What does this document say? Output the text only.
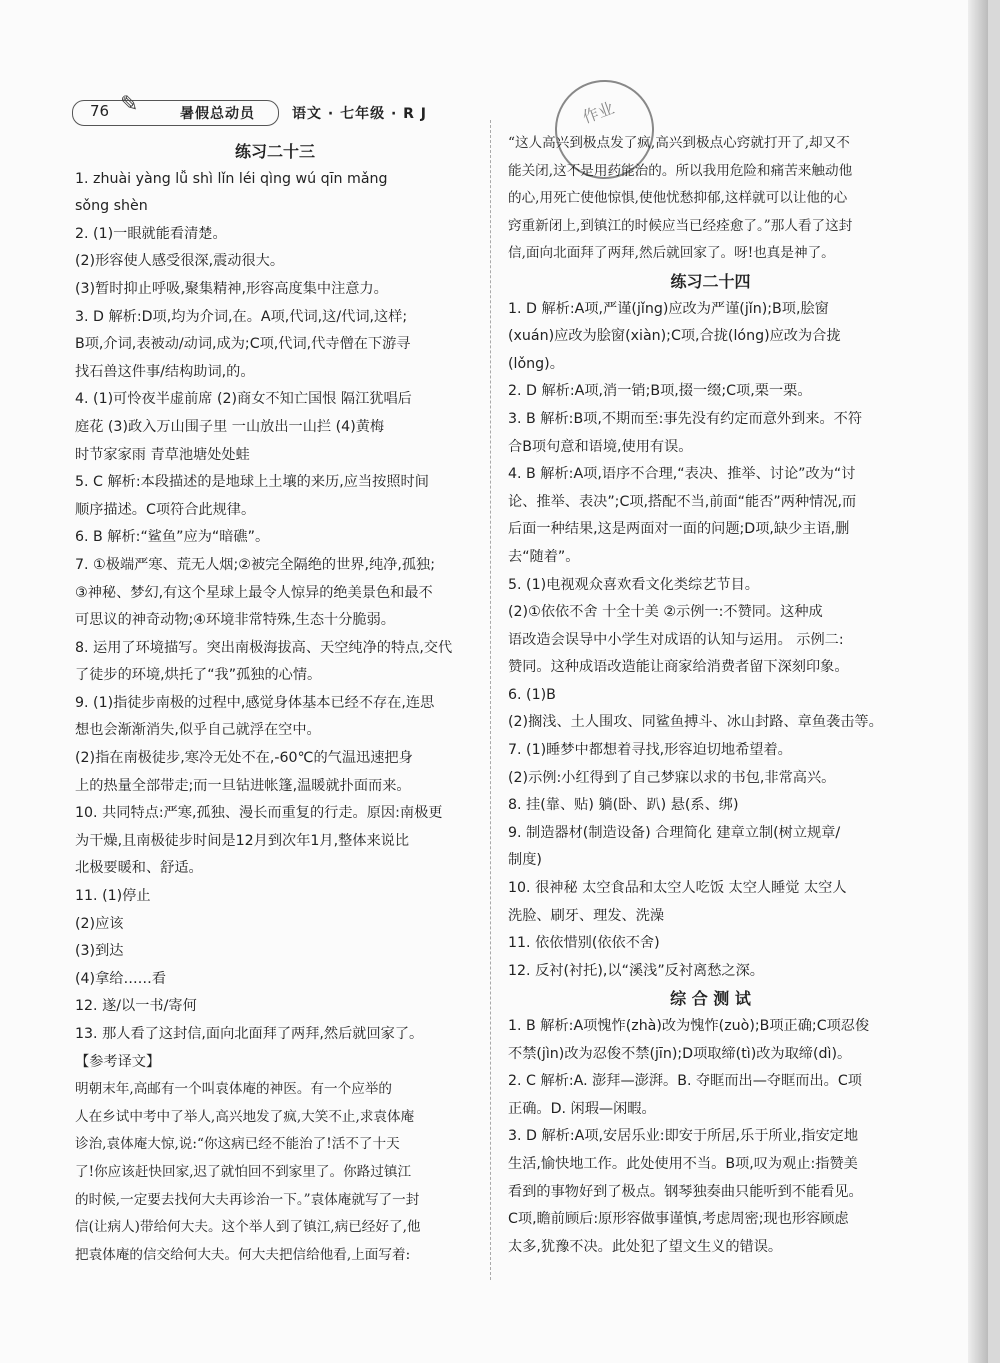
76 ✎	暑假总动员	语文 · 七年级 · R J	作业
练习二十三
1. zhuài yàng lǚ shì lǐn léi qìng wú qīn mǎng
sǒng shèn
2. (1)一眼就能看清楚。
(2)形容使人感受很深,震动很大。
(3)暂时抑止呼吸,聚集精神,形容高度集中注意力。
3. D 解析:D项,均为介词,在。A项,代词,这/代词,这样;
B项,介词,表被动/动词,成为;C项,代词,代寺僧在下游寻
找石兽这件事/结构助词,的。
4. (1)可怜夜半虚前席 (2)商女不知亡国恨 隔江犹唱后
庭花 (3)政入万山围子里 一山放出一山拦 (4)黄梅
时节家家雨 青草池塘处处蛙
5. C 解析:本段描述的是地球上土壤的来历,应当按照时间
顺序描述。C项符合此规律。
6. B 解析:“鲨鱼”应为“暗礁”。
7. ①极端严寒、荒无人烟;②被完全隔绝的世界,纯净,孤独;
③神秘、梦幻,有这个星球上最令人惊异的绝美景色和最不
可思议的神奇动物;④环境非常特殊,生态十分脆弱。
8. 运用了环境描写。突出南极海拔高、天空纯净的特点,交代
了徒步的环境,烘托了“我”孤独的心情。
9. (1)指徒步南极的过程中,感觉身体基本已经不存在,连思
想也会渐渐消失,似乎自己就浮在空中。
(2)指在南极徒步,寒冷无处不在,-60℃的气温迅速把身
上的热量全部带走;而一旦钻进帐篷,温暖就扑面而来。
10. 共同特点:严寒,孤独、漫长而重复的行走。原因:南极更
为干燥,且南极徒步时间是12月到次年1月,整体来说比
北极要暖和、舒适。
11. (1)停止
(2)应该
(3)到达
(4)拿给……看
12. 遂/以一书/寄何
13. 那人看了这封信,面向北面拜了两拜,然后就回家了。
【参考译文】
明朝末年,高邮有一个叫袁体庵的神医。有一个应举的
人在乡试中考中了举人,高兴地发了疯,大笑不止,求袁体庵
诊治,袁体庵大惊,说:“你这病已经不能治了!活不了十天
了!你应该赶快回家,迟了就怕回不到家里了。你路过镇江
的时候,一定要去找何大夫再诊治一下。”袁体庵就写了一封
信(让病人)带给何大夫。这个举人到了镇江,病已经好了,他
把袁体庵的信交给何大夫。何大夫把信给他看,上面写着:
“这人高兴到极点发了疯,高兴到极点心窍就打开了,却又不
能关闭,这不是用药能治的。所以我用危险和痛苦来触动他
的心,用死亡使他惊惧,使他忧愁抑郁,这样就可以让他的心
窍重新闭上,到镇江的时候应当已经痊愈了。”那人看了这封
信,面向北面拜了两拜,然后就回家了。呀!也真是神了。
练习二十四
1. D 解析:A项,严谨(jǐng)应改为严谨(jǐn);B项,脍窗
(xuán)应改为脍窗(xiàn);C项,合拢(lóng)应改为合拢
(lǒng)。
2. D 解析:A项,消一销;B项,掇一缀;C项,栗一栗。
3. B 解析:B项,不期而至:事先没有约定而意外到来。不符
合B项句意和语境,使用有误。
4. B 解析:A项,语序不合理,“表决、推举、讨论”改为“讨
论、推举、表决”;C项,搭配不当,前面“能否”两种情况,而
后面一种结果,这是两面对一面的问题;D项,缺少主语,删
去“随着”。
5. (1)电视观众喜欢看文化类综艺节目。
(2)①依依不舍 十全十美 ②示例一:不赞同。这种成
语改造会误导中小学生对成语的认知与运用。 示例二:
赞同。这种成语改造能让商家给消费者留下深刻印象。
6. (1)B
(2)搁浅、土人围攻、同鲨鱼搏斗、冰山封路、章鱼袭击等。
7. (1)睡梦中都想着寻找,形容迫切地希望着。
(2)示例:小红得到了自己梦寐以求的书包,非常高兴。
8. 挂(靠、贴) 躺(卧、趴) 悬(系、绑)
9. 制造器材(制造设备) 合理简化 建章立制(树立规章/
制度)
10. 很神秘 太空食品和太空人吃饭 太空人睡觉 太空人
洗脸、刷牙、理发、洗澡
11. 依依惜别(依依不舍)
12. 反衬(衬托),以“溪浅”反衬离愁之深。
综 合 测 试
1. B 解析:A项愧怍(zhà)改为愧怍(zuò);B项正确;C项忍俊
不禁(jìn)改为忍俊不禁(jīn);D项取缔(tì)改为取缔(dì)。
2. C 解析:A. 澎拜—澎湃。B. 夺眶而出—夺眶而出。C项
正确。D. 闲瑕—闲暇。
3. D 解析:A项,安居乐业:即安于所居,乐于所业,指安定地
生活,愉快地工作。此处使用不当。B项,叹为观止:指赞美
看到的事物好到了极点。钢琴独奏曲只能听到不能看见。
C项,瞻前顾后:原形容做事谨慎,考虑周密;现也形容顾虑
太多,犹豫不决。此处犯了望文生义的错误。
